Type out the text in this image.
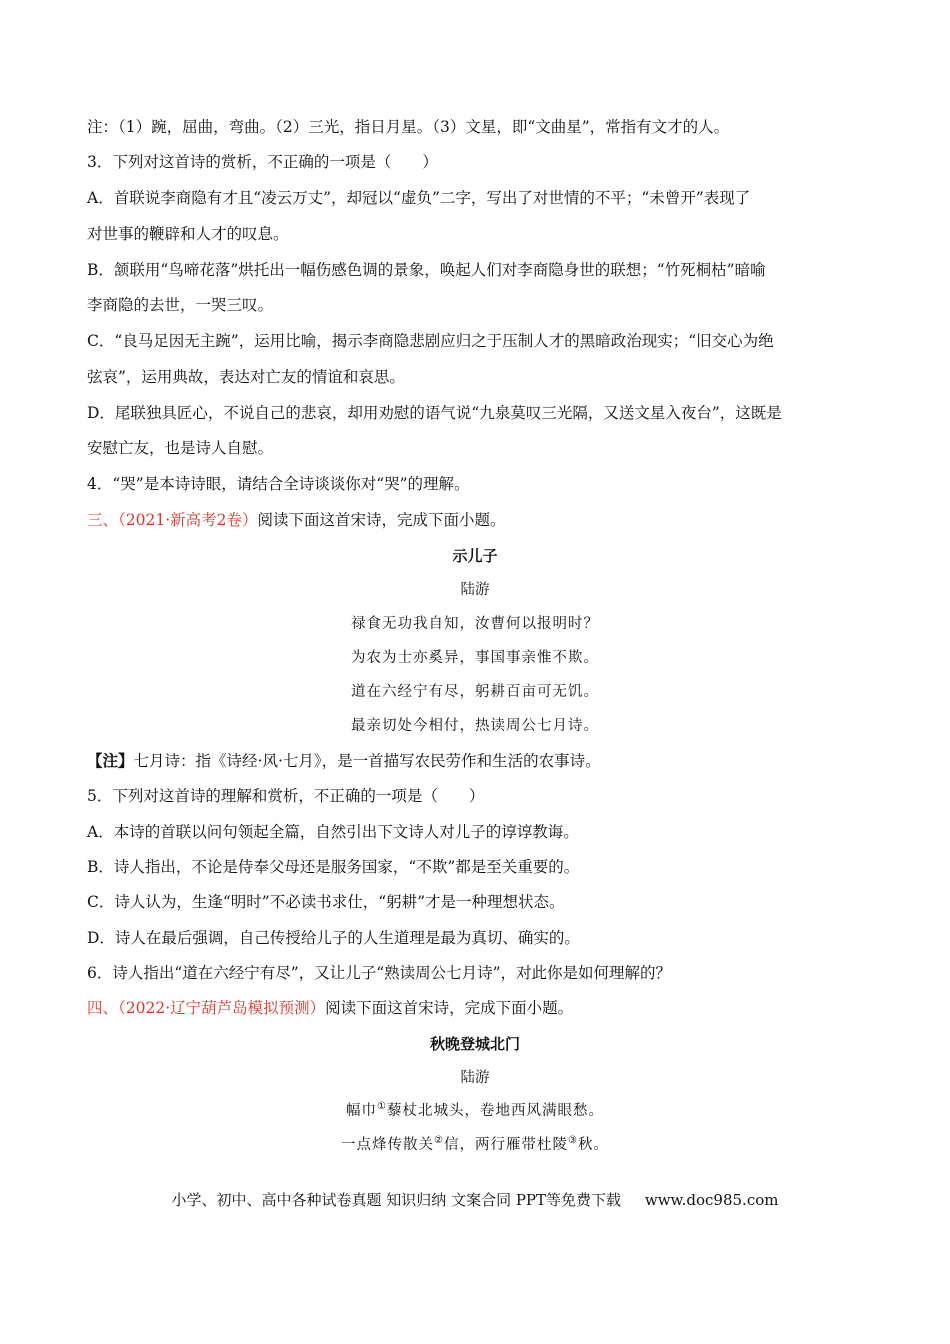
注：（1）踠，屈曲，弯曲。（2）三光，指日月星。（3）文星，即“文曲星”，常指有文才的人。
3．下列对这首诗的赏析，不正确的一项是（　　）
A．首联说李商隐有才且“凌云万丈”，却冠以“虚负”二字，写出了对世情的不平；“未曾开”表现了
对世事的鞭辟和人才的叹息。
B．颔联用“鸟啼花落”烘托出一幅伤感色调的景象，唤起人们对李商隐身世的联想；“竹死桐枯”暗喻
李商隐的去世，一哭三叹。
C．“良马足因无主踠”，运用比喻，揭示李商隐悲剧应归之于压制人才的黑暗政治现实；“旧交心为绝
弦哀”，运用典故，表达对亡友的情谊和哀思。
D．尾联独具匠心，不说自己的悲哀，却用劝慰的语气说“九泉莫叹三光隔，又送文星入夜台”，这既是
安慰亡友，也是诗人自慰。
4．“哭”是本诗诗眼，请结合全诗谈谈你对“哭”的理解。
三、（2021·新高考2卷）阅读下面这首宋诗，完成下面小题。
示儿子
陆游
禄食无功我自知，汝曹何以报明时？
为农为士亦奚异，事国事亲惟不欺。
道在六经宁有尽，躬耕百亩可无饥。
最亲切处今相付，热读周公七月诗。
【注】七月诗：指《诗经·风·七月》，是一首描写农民劳作和生活的农事诗。
5．下列对这首诗的理解和赏析，不正确的一项是（　　）
A．本诗的首联以问句领起全篇，自然引出下文诗人对儿子的谆谆教诲。
B．诗人指出，不论是侍奉父母还是服务国家，“不欺”都是至关重要的。
C．诗人认为，生逢“明时”不必读书求仕，“躬耕”才是一种理想状态。
D．诗人在最后强调，自己传授给儿子的人生道理是最为真切、确实的。
6．诗人指出“道在六经宁有尽”，又让儿子“熟读周公七月诗”，对此你是如何理解的？
四、（2022·辽宁葫芦岛模拟预测）阅读下面这首宋诗，完成下面小题。
秋晚登城北门
陆游
幅巾①藜杖北城头，卷地西风满眼愁。
一点烽传散关②信，两行雁带杜陵③秋。
小学、初中、高中各种试卷真题 知识归纳 文案合同 PPT等免费下载 www.doc985.com
